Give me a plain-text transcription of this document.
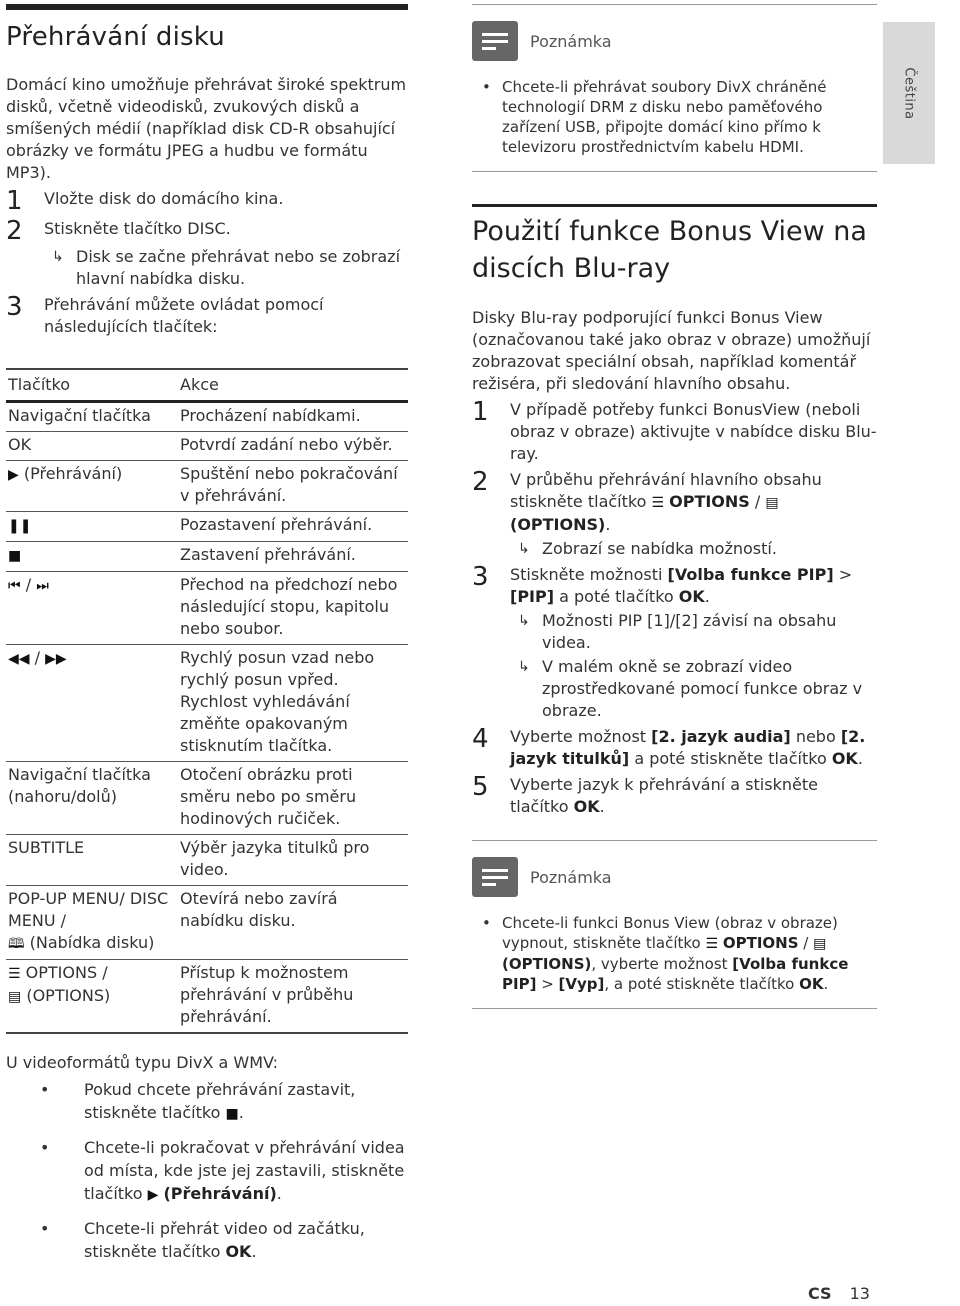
Přehrávání disku

Domácí kino umožňuje přehrávat široké spektrum disků, včetně videodisků, zvukových disků a smíšených médií (například disk CD-R obsahující obrázky ve formátu JPEG a hudbu ve formátu MP3).

1	Vložte disk do domácího kina.
2	Stiskněte tlačítko DISC.
↳ Disk se začne přehrávat nebo se zobrazí hlavní nabídka disku.
3	Přehrávání můžete ovládat pomocí následujících tlačítek:
Tlačítko	Akce
Navigační tlačítka	Procházení nabídkami.
OK	Potvrdí zadání nebo výběr.
▶ (Přehrávání)	Spuštění nebo pokračování v přehrávání.
❚❚	Pozastavení přehrávání.
■	Zastavení přehrávání.
⏮ / ⏭	Přechod na předchozí nebo následující stopu, kapitolu nebo soubor.
◀◀ / ▶▶	Rychlý posun vzad nebo rychlý posun vpřed. Rychlost vyhledávání změňte opakovaným stisknutím tlačítka.
Navigační tlačítka (nahoru/dolů)	Otočení obrázku proti směru nebo po směru hodinových ručiček.
SUBTITLE	Výběr jazyka titulků pro video.
POP-UP MENU/ DISC MENU /
🕮 (Nabídka disku)	Otevírá nebo zavírá nabídku disku.
☰ OPTIONS /
▤ (OPTIONS)	Přístup k možnostem přehrávání v průběhu přehrávání.

U videoformátů typu DivX a WMV:

• Pokud chcete přehrávání zastavit, stiskněte tlačítko ■.
• Chcete-li pokračovat v přehrávání videa od místa, kde jste jej zastavili, stiskněte tlačítko ▶ (Přehrávání).
• Chcete-li přehrát video od začátku, stiskněte tlačítko OK.
Poznámka
• Chcete-li přehrávat soubory DivX chráněné technologií DRM z disku nebo paměťového zařízení USB, připojte domácí kino přímo k televizoru prostřednictvím kabelu HDMI.
Použití funkce Bonus View na discích Blu-ray

Disky Blu-ray podporující funkci Bonus View (označovanou také jako obraz v obraze) umožňují zobrazovat speciální obsah, například komentář režiséra, při sledování hlavního obsahu.

1	V případě potřeby funkci BonusView (neboli obraz v obraze) aktivujte v nabídce disku Blu-ray.
2	V průběhu přehrávání hlavního obsahu stiskněte tlačítko ☰ OPTIONS / ▤ (OPTIONS).
↳ Zobrazí se nabídka možností.
3	Stiskněte možnosti [Volba funkce PIP] > [PIP] a poté tlačítko OK.
↳ Možnosti PIP [1]/[2] závisí na obsahu videa.
↳ V malém okně se zobrazí video zprostředkované pomocí funkce obraz v obraze.
4	Vyberte možnost [2. jazyk audia] nebo [2. jazyk titulků] a poté stiskněte tlačítko OK.
5	Vyberte jazyk k přehrávání a stiskněte tlačítko OK.
Poznámka
• Chcete-li funkci Bonus View (obraz v obraze) vypnout, stiskněte tlačítko ☰ OPTIONS / ▤ (OPTIONS), vyberte možnost [Volba funkce PIP] > [Vyp], a poté stiskněte tlačítko OK.
Čeština
CS 13
